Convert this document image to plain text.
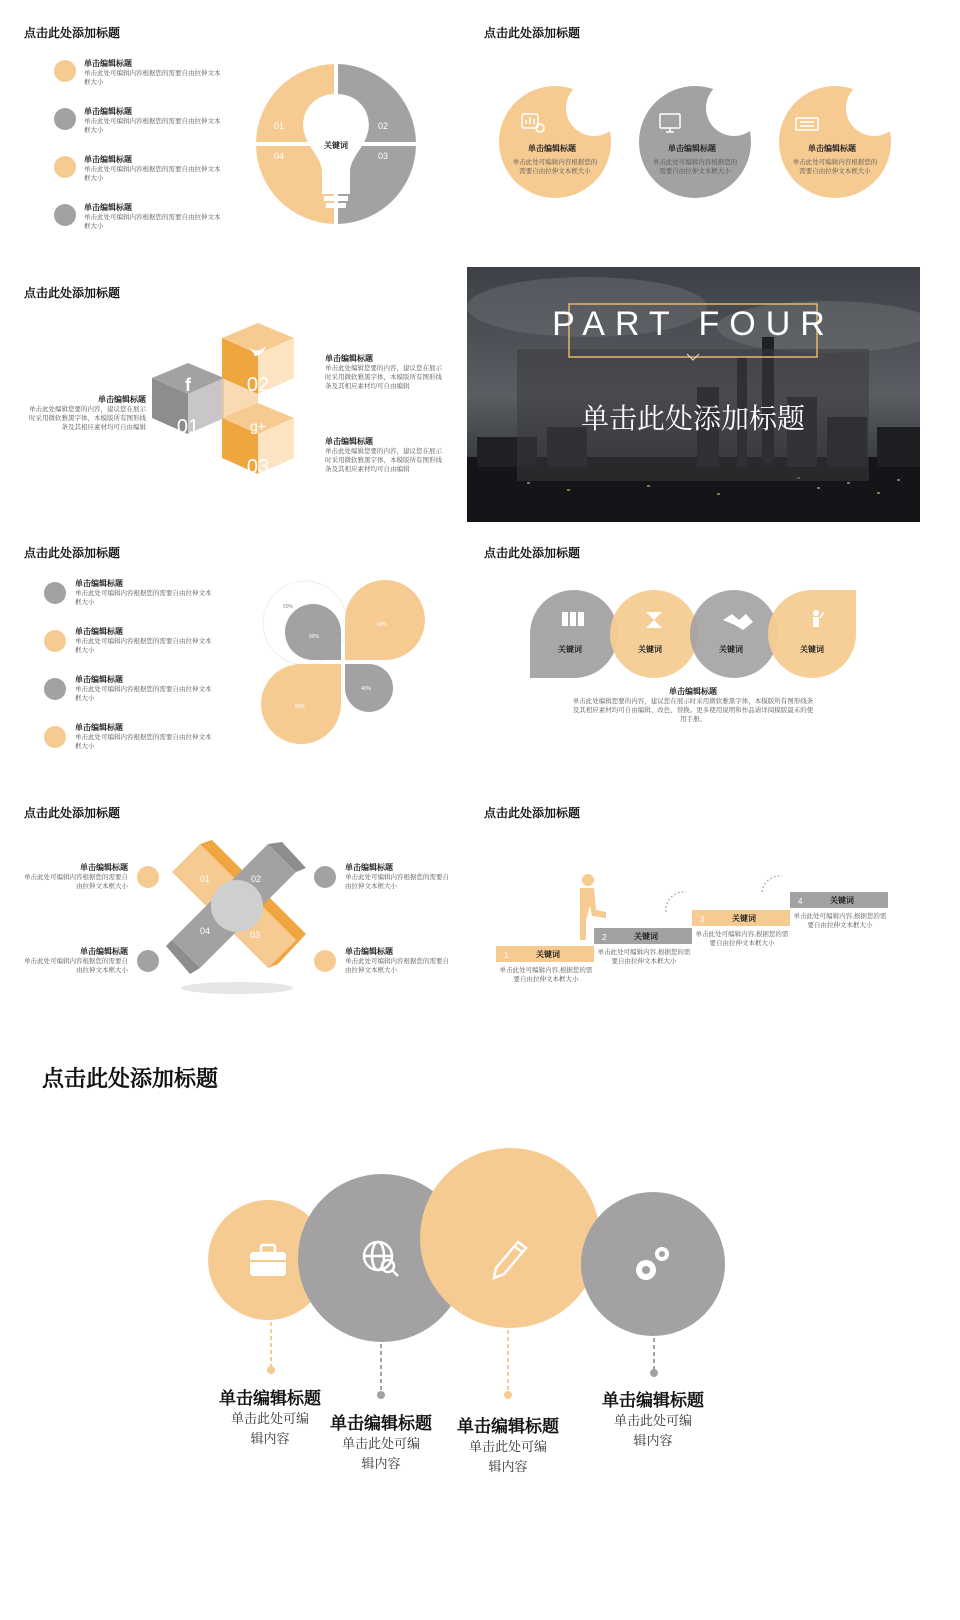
点击此处添加标题
单击编辑标题
单击此处可编辑内容根据您的需要自由拉伸文本框大小
单击编辑标题
单击此处可编辑内容根据您的需要自由拉伸文本框大小
单击编辑标题
单击此处可编辑内容根据您的需要自由拉伸文本框大小
单击编辑标题
单击此处可编辑内容根据您的需要自由拉伸文本框大小
关键词
01	02
03
04
点击此处添加标题
单击编辑标题	单击编辑标题	单击编辑标题
单击此处可编辑内容根据您的需要自由拉伸文本框大小
单击此处可编辑内容根据您的需要自由拉伸文本框大小
单击此处可编辑内容根据您的需要自由拉伸文本框大小
点击此处添加标题
02
01
03
f
g+
单击编辑标题
单击此处编辑您要的内容，建议您在展示时采用微软雅黑字体，本模版所有图形线条及其相应素材均可自由编辑
单击编辑标题
单击此处编辑您要的内容，建议您在展示时采用微软雅黑字体，本模版所有图形线条及其相应素材均可自由编辑
单击编辑标题
单击此处编辑您要的内容，建议您在展示时采用微软雅黑字体，本模版所有图形线条及其相应素材均可自由编辑
PART FOUR
单击此处添加标题
点击此处添加标题
单击编辑标题
单击此处可编辑内容根据您的需要自由拉伸文本框大小
单击编辑标题
单击此处可编辑内容根据您的需要自由拉伸文本框大小
单击编辑标题
单击此处可编辑内容根据您的需要自由拉伸文本框大小
单击编辑标题
单击此处可编辑内容根据您的需要自由拉伸文本框大小
50%
90%
90%
80%
40%
点击此处添加标题
关键词	关键词	关键词	关键词
单击编辑标题
单击此处编辑您要的内容，建议您在展示时采用微软雅黑字体，本模版所有图形线条及其相应素材均可自由编辑、改色、替换。更多使用说明和作品请详阅模版最末的使用手册。
点击此处添加标题
单击编辑标题
单击此处可编辑内容根据您的需要自由拉伸文本框大小
单击编辑标题
单击此处可编辑内容根据您的需要自由拉伸文本框大小
单击编辑标题
单击此处可编辑内容根据您的需要自由拉伸文本框大小
单击编辑标题
单击此处可编辑内容根据您的需要自由拉伸文本框大小
01	02
03
04
点击此处添加标题
1
2
3
4
关键词
关键词
关键词
关键词
单击此处可编辑内容,根据您的需要自由拉伸文本框大小
单击此处可编辑内容,根据您的需要自由拉伸文本框大小
单击此处可编辑内容,根据您的需要自由拉伸文本框大小
单击此处可编辑内容,根据您的需要自由拉伸文本框大小
点击此处添加标题
单击编辑标题
单击此处可编
辑内容
单击编辑标题
单击此处可编
辑内容
单击编辑标题
单击此处可编
辑内容
单击编辑标题
单击此处可编
辑内容
